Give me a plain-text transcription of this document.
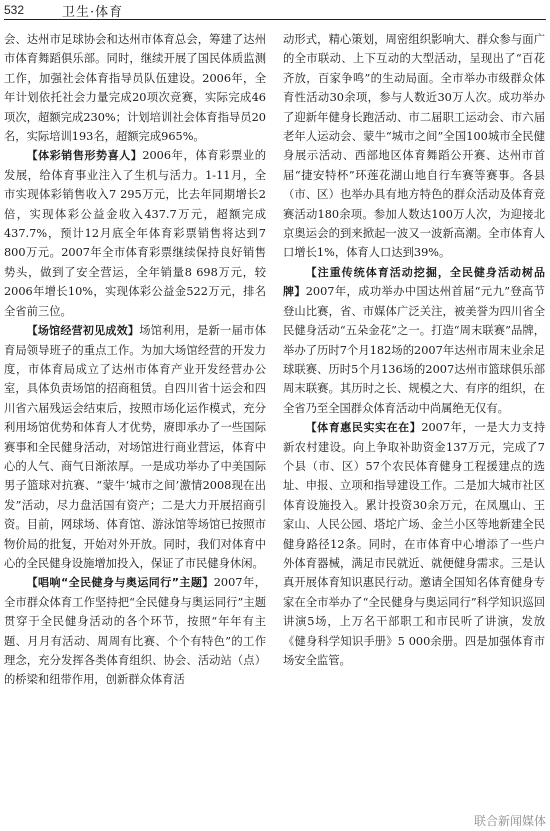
532	卫生·体育

会、达州市足球协会和达州市体育总会，筹建了达州市体育舞蹈俱乐部。同时，继续开展了国民体质监测工作，加强社会体育指导员队伍建设。2006年，全年计划依托社会力量完成20项次竞赛，实际完成46项次，超额完成230%；计划培训社会体育指导员20名，实际培训193名，超额完成965%。

【体彩销售形势喜人】2006年，体育彩票业的发展，给体育事业注入了生机与活力。1-11月，全市实现体彩销售收入7 295万元，比去年同期增长2倍，实现体彩公益金收入437.7万元，超额完成437.7%，预计12月底全年体育彩票销售将达到7 800万元。2007年全市体育彩票继续保持良好销售势头，做到了安全营运，全年销量8 698万元，较2006年增长10%，实现体彩公益金522万元，排名全省前三位。

【场馆经营初见成效】场馆利用，是新一届市体育局领导班子的重点工作。为加大场馆经营的开发力度，市体育局成立了达州市体育产业开发经营办公室，具体负责场馆的招商租赁。自四川省十运会和四川省六届残运会结束后，按照市场化运作模式，充分利用场馆优势和体育人才优势，赓即承办了一些国际赛事和全民健身活动，对场馆进行商业营运，体育中心的人气、商气日渐浓厚。一是成功举办了中美国际男子篮球对抗赛、“蒙牛‘城市之间’激情2008现在出发”活动，尽力盘活国有资产；二是大力开展招商引资。目前，网球场、体育馆、游泳馆等场馆已按照市物价局的批复，开始对外开放。同时，我们对体育中心的全民健身设施增加投入，保证了市民健身休闲。

【唱响“全民健身与奥运同行”主题】2007年，全市群众体育工作坚持把“全民健身与奥运同行”主题贯穿于全民健身活动的各个环节，按照“年年有主题、月月有活动、周周有比赛、个个有特色”的工作理念，充分发挥各类体育组织、协会、活动站（点）的桥梁和纽带作用，创新群众体育活

动形式，精心策划，周密组织影响大、群众参与面广的全市联动、上下互动的大型活动，呈现出了“百花齐放，百家争鸣”的生动局面。全市举办市级群众体育性活动30余项，参与人数近30万人次。成功举办了迎新年健身长跑活动、市二届职工运动会、市六届老年人运动会、蒙牛“城市之间”全国100城市全民健身展示活动、西部地区体育舞蹈公开赛、达州市首届“捷安特杯”环莲花湖山地自行车赛等赛事。各县（市、区）也举办具有地方特色的群众活动及体育竞赛活动180余项。参加人数达100万人次，为迎接北京奥运会的到来掀起一波又一波新高潮。全市体育人口增长1%，体育人口达到39%。

【注重传统体育活动挖掘，全民健身活动树品牌】2007年，成功举办中国达州首届“元九”登高节登山比赛，省、市媒体广泛关注，被美誉为四川省全民健身活动“五朵金花”之一。打造“周末联赛”品牌，举办了历时7个月182场的2007年达州市周末业余足球联赛、历时5个月136场的2007达州市篮球俱乐部周末联赛。其历时之长、规模之大、有序的组织，在全省乃至全国群众体育活动中尚属绝无仅有。

【体育惠民实实在在】2007年，一是大力支持新农村建设。向上争取补助资金137万元，完成了7个县（市、区）57个农民体育健身工程援建点的选址、申报、立项和指导建设工作。二是加大城市社区体育设施投入。累计投资30余万元，在凤凰山、王家山、人民公园、塔坨广场、金兰小区等地新建全民健身路径12条。同时，在市体育中心增添了一些户外体育器械，满足市民就近、就便健身需求。三是认真开展体育知识惠民行动。邀请全国知名体育健身专家在全市举办了“全民健身与奥运同行”科学知识巡回讲演5场，上万名干部职工和市民听了讲演，发放《健身科学知识手册》5 000余册。四是加强体育市场安全监管。

联合新闻媒体
